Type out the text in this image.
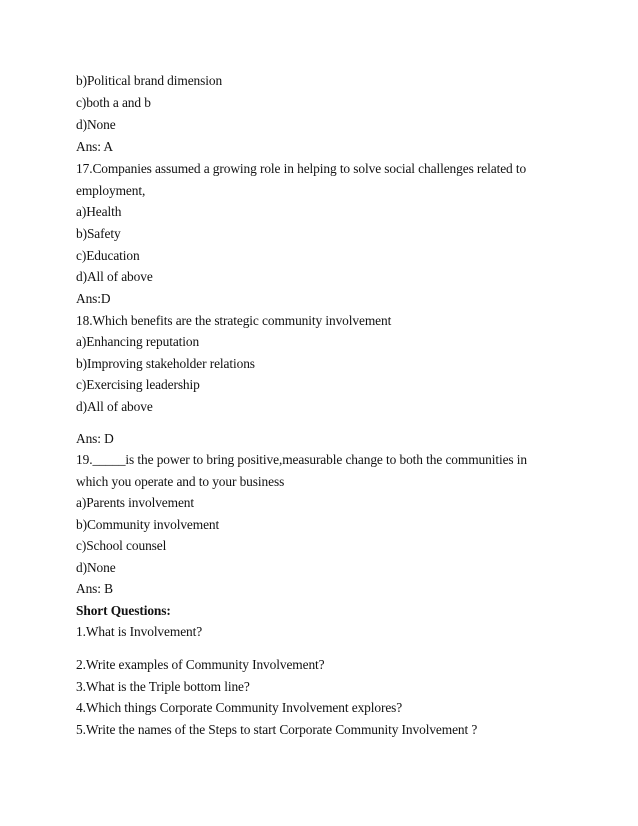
b)Political brand dimension
c)both a and b
d)None
Ans: A
17.Companies assumed a growing role in helping to solve social challenges related to
employment,
a)Health
b)Safety
c)Education
d)All of above
Ans:D
18.Which benefits are the strategic community involvement
a)Enhancing reputation
b)Improving stakeholder relations
c)Exercising leadership
d)All of above
Ans: D
19._____is the power to bring positive,measurable change to both the communities in
which you operate and to your business
a)Parents involvement
b)Community involvement
c)School counsel
d)None
Ans: B
Short Questions:
1.What is Involvement?
2.Write examples of Community Involvement?
3.What is the Triple bottom line?
4.Which things Corporate Community Involvement explores?
5.Write the names of the Steps to start Corporate Community Involvement ?
